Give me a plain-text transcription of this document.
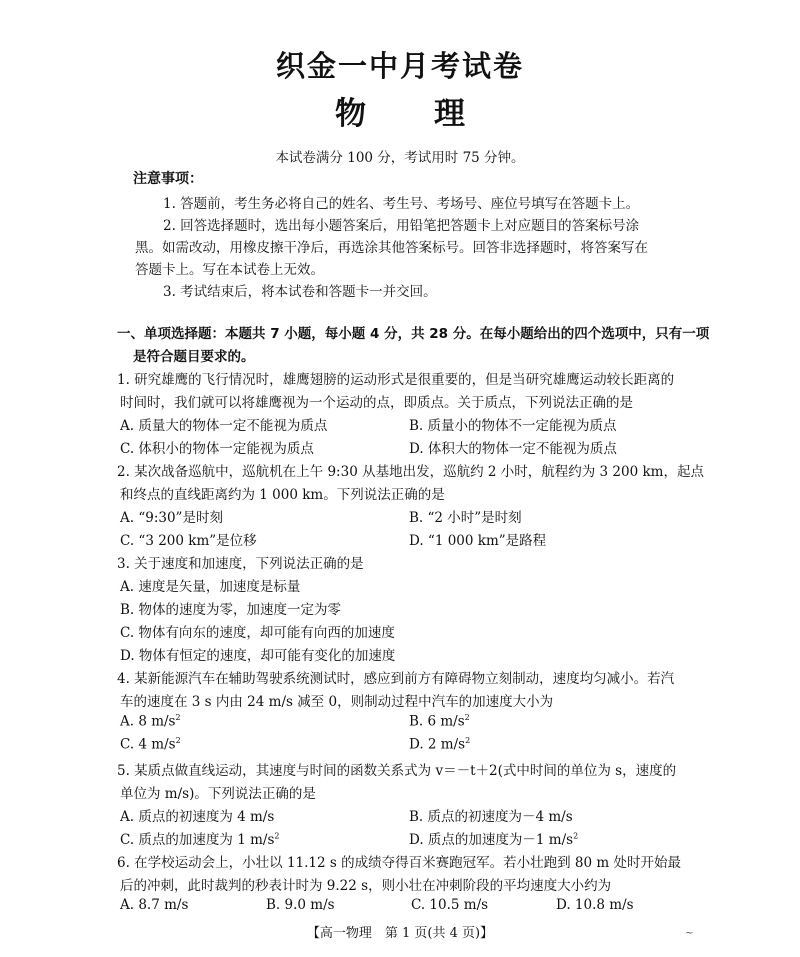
织金一中月考试卷
物 理
本试卷满分 100 分，考试用时 75 分钟。
注意事项：
1. 答题前，考生务必将自己的姓名、考生号、考场号、座位号填写在答题卡上。
2. 回答选择题时，选出每小题答案后，用铅笔把答题卡上对应题目的答案标号涂
黑。如需改动，用橡皮擦干净后，再选涂其他答案标号。回答非选择题时，将答案写在
答题卡上。写在本试卷上无效。
3. 考试结束后，将本试卷和答题卡一并交回。
一、单项选择题：本题共 7 小题，每小题 4 分，共 28 分。在每小题给出的四个选项中，只有一项
是符合题目要求的。
1. 研究雄鹰的飞行情况时，雄鹰翅膀的运动形式是很重要的，但是当研究雄鹰运动较长距离的
时间时，我们就可以将雄鹰视为一个运动的点，即质点。关于质点，下列说法正确的是
A. 质量大的物体一定不能视为质点	B. 质量小的物体不一定能视为质点
C. 体积小的物体一定能视为质点	D. 体积大的物体一定不能视为质点
2. 某次战备巡航中，巡航机在上午 9:30 从基地出发，巡航约 2 小时，航程约为 3 200 km，起点
和终点的直线距离约为 1 000 km。下列说法正确的是
A. “9:30”是时刻	B. “2 小时”是时刻
C. “3 200 km”是位移	D. “1 000 km”是路程
3. 关于速度和加速度，下列说法正确的是
A. 速度是矢量，加速度是标量
B. 物体的速度为零，加速度一定为零
C. 物体有向东的速度，却可能有向西的加速度
D. 物体有恒定的速度，却可能有变化的加速度
4. 某新能源汽车在辅助驾驶系统测试时，感应到前方有障碍物立刻制动，速度均匀减小。若汽
车的速度在 3 s 内由 24 m/s 减至 0，则制动过程中汽车的加速度大小为
A. 8 $m/s^2$	B. 6 $m/s^2$
C. 4 $m/s^2$	D. 2 $m/s^2$
5. 某质点做直线运动，其速度与时间的函数关系式为 v＝－t＋2(式中时间的单位为 s，速度的
单位为 m/s)。下列说法正确的是
A. 质点的初速度为 4 m/s	B. 质点的初速度为－4 m/s
C. 质点的加速度为 1 $m/s^2$	D. 质点的加速度为－1 $m/s^2$
6. 在学校运动会上，小壮以 11.12 s 的成绩夺得百米赛跑冠军。若小壮跑到 80 m 处时开始最
后的冲刺，此时裁判的秒表计时为 9.22 s，则小壮在冲刺阶段的平均速度大小约为
A. 8.7 m/s	B. 9.0 m/s	C. 10.5 m/s	D. 10.8 m/s
【高一物理　第 1 页(共 4 页)】	~
